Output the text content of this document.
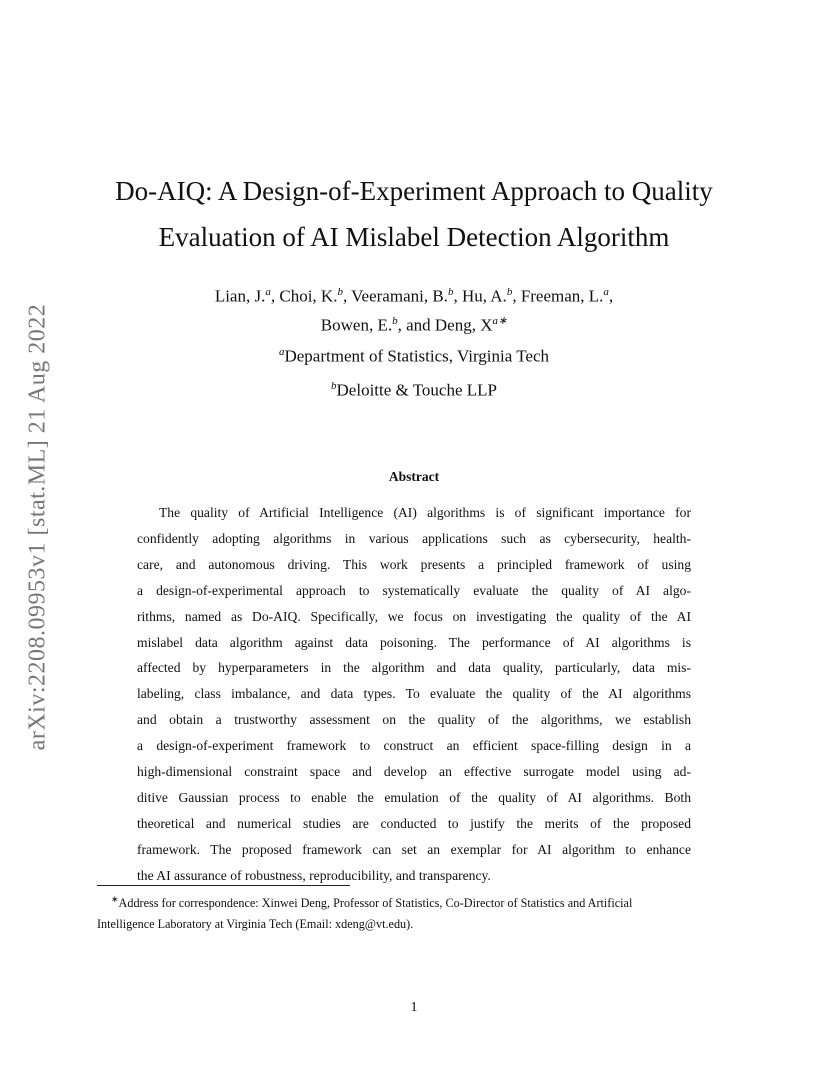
arXiv:2208.09953v1 [stat.ML] 21 Aug 2022
Do-AIQ: A Design-of-Experiment Approach to Quality
Evaluation of AI Mislabel Detection Algorithm
Lian, J.$^a$, Choi, K.$^b$, Veeramani, B.$^b$, Hu, A.$^b$, Freeman, L.$^a$,
Bowen, E.$^b$, and Deng, $X^{a∗}$
$^a$Department of Statistics, Virginia Tech
$^b$Deloitte & Touche LLP
Abstract
The quality of Artificial Intelligence (AI) algorithms is of significant importance for
confidently adopting algorithms in various applications such as cybersecurity, health-
care, and autonomous driving. This work presents a principled framework of using
a design-of-experimental approach to systematically evaluate the quality of AI algo-
rithms, named as Do-AIQ. Specifically, we focus on investigating the quality of the AI
mislabel data algorithm against data poisoning. The performance of AI algorithms is
affected by hyperparameters in the algorithm and data quality, particularly, data mis-
labeling, class imbalance, and data types. To evaluate the quality of the AI algorithms
and obtain a trustworthy assessment on the quality of the algorithms, we establish
a design-of-experiment framework to construct an efficient space-filling design in a
high-dimensional constraint space and develop an effective surrogate model using ad-
ditive Gaussian process to enable the emulation of the quality of AI algorithms. Both
theoretical and numerical studies are conducted to justify the merits of the proposed
framework. The proposed framework can set an exemplar for AI algorithm to enhance
the AI assurance of robustness, reproducibility, and transparency.
∗Address for correspondence: Xinwei Deng, Professor of Statistics, Co-Director of Statistics and Artificial
Intelligence Laboratory at Virginia Tech (Email: xdeng@vt.edu).
1
